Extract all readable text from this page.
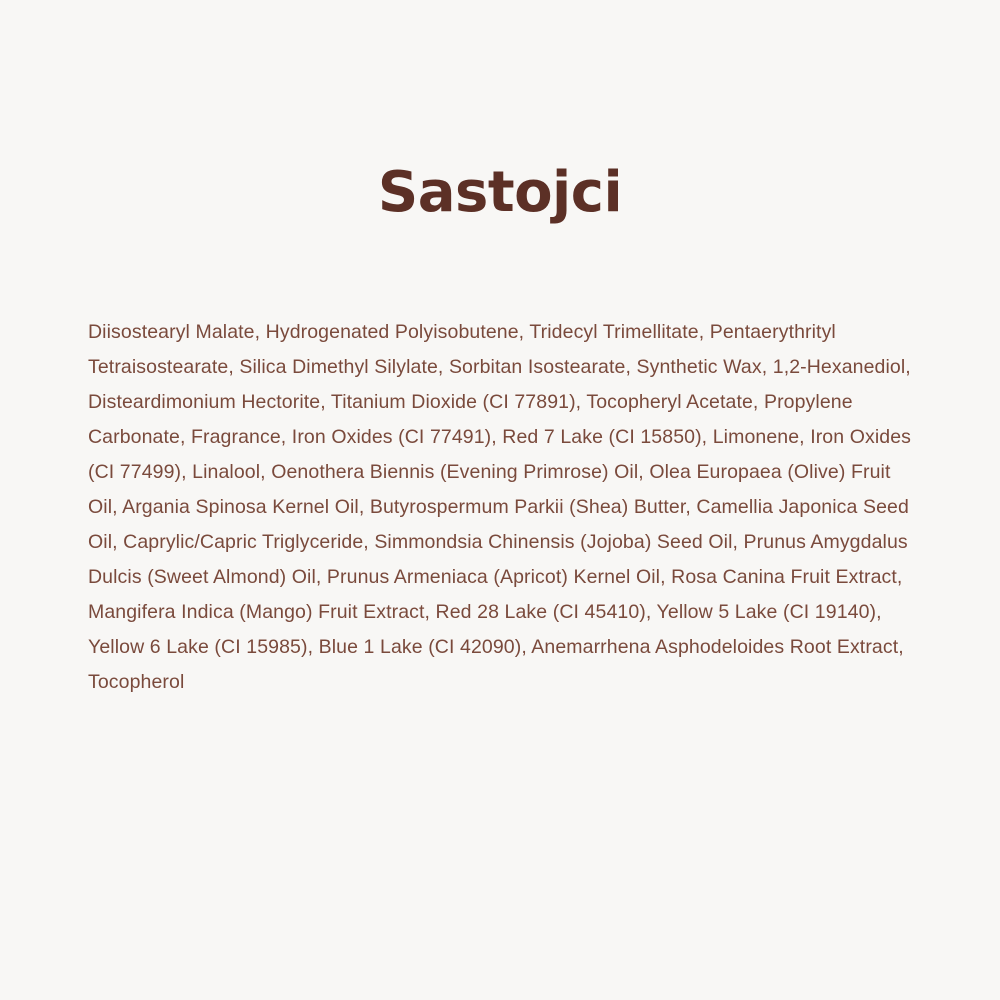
Sastojci

Diisostearyl Malate, Hydrogenated Polyisobutene, Tridecyl Trimellitate, Pentaerythrityl Tetraisostearate, Silica Dimethyl Silylate, Sorbitan Isostearate, Synthetic Wax, 1,2-Hexanediol, Disteardimonium Hectorite, Titanium Dioxide (CI 77891), Tocopheryl Acetate, Propylene Carbonate, Fragrance, Iron Oxides (CI 77491), Red 7 Lake (CI 15850), Limonene, Iron Oxides (CI 77499), Linalool, Oenothera Biennis (Evening Primrose) Oil, Olea Europaea (Olive) Fruit Oil, Argania Spinosa Kernel Oil, Butyrospermum Parkii (Shea) Butter, Camellia Japonica Seed Oil, Caprylic/Capric Triglyceride, Simmondsia Chinensis (Jojoba) Seed Oil, Prunus Amygdalus Dulcis (Sweet Almond) Oil, Prunus Armeniaca (Apricot) Kernel Oil, Rosa Canina Fruit Extract, Mangifera Indica (Mango) Fruit Extract, Red 28 Lake (CI 45410), Yellow 5 Lake (CI 19140), Yellow 6 Lake (CI 15985), Blue 1 Lake (CI 42090), Anemarrhena Asphodeloides Root Extract, Tocopherol
